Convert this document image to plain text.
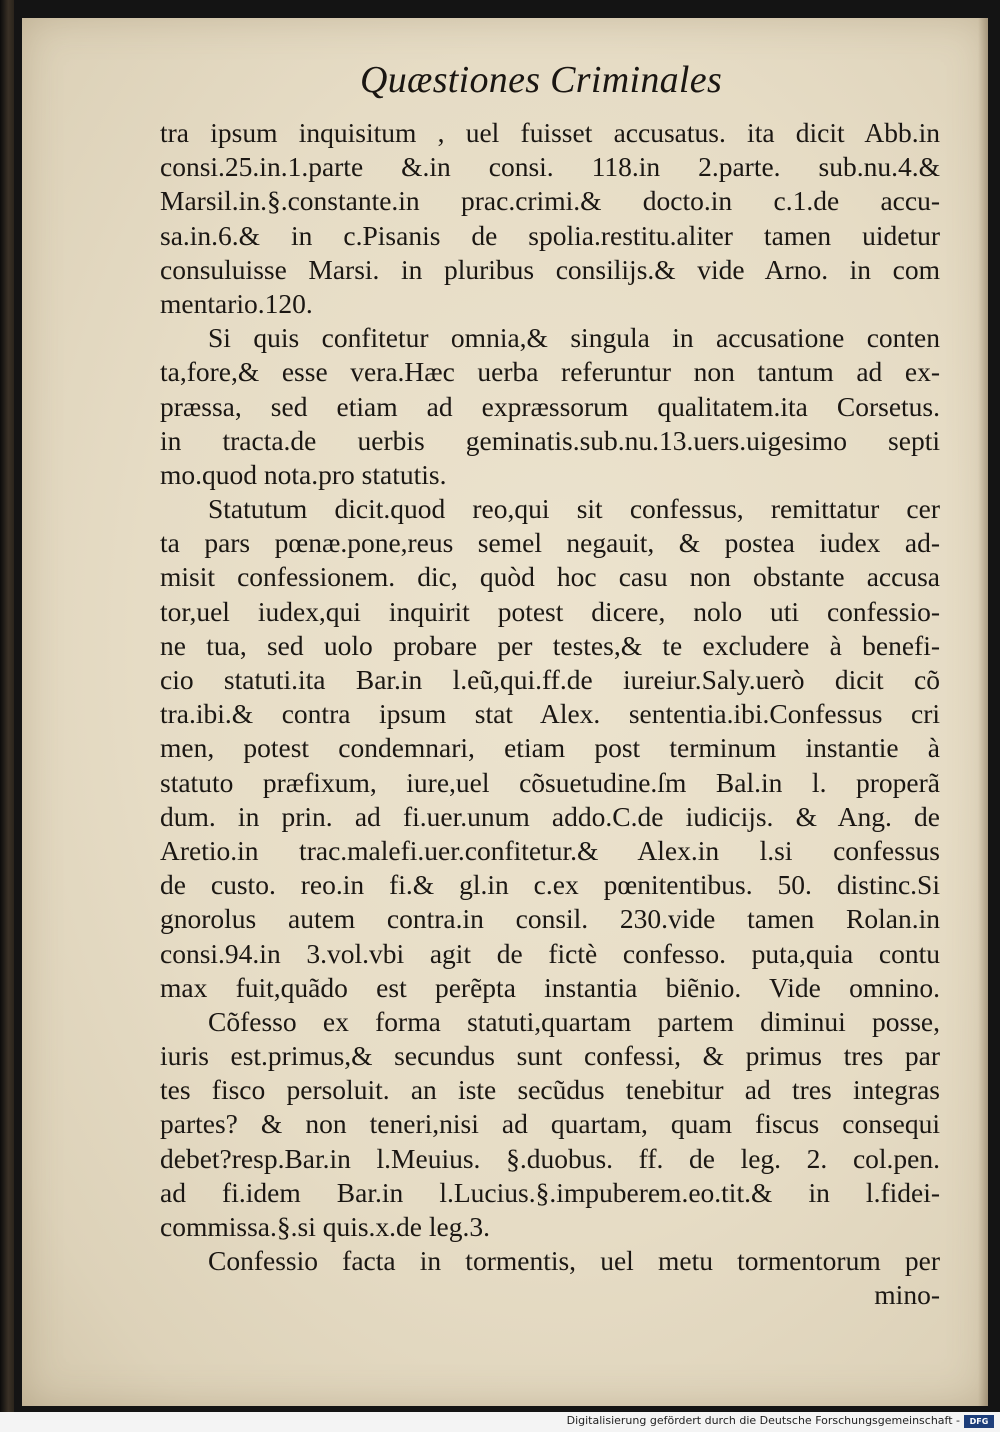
Quæstiones Criminales
tra ipsum inquisitum , uel fuisset accusatus. ita dicit Abb.in
consi.25.in.1.parte &.in consi. 118.in 2.parte. sub.nu.4.&
Marsil.in.§.constante.in prac.crimi.& docto.in c.1.de accu-
sa.in.6.& in c.Pisanis de spolia.restitu.aliter tamen uidetur
consuluisse Marsi. in pluribus consilijs.& vide Arno. in com
mentario.120.
Si quis confitetur omnia,& singula in accusatione conten
ta,fore,& esse vera.Hæc uerba referuntur non tantum ad ex-
præssa, sed etiam ad expræssorum qualitatem.ita Corsetus.
in tracta.de uerbis geminatis.sub.nu.13.uers.uigesimo septi
mo.quod nota.pro statutis.
Statutum dicit.quod reo,qui sit confessus, remittatur cer
ta pars pœnæ.pone,reus semel negauit, & postea iudex ad-
misit confessionem. dic, quòd hoc casu non obstante accusa
tor,uel iudex,qui inquirit potest dicere, nolo uti confessio-
ne tua, sed uolo probare per testes,& te excludere à benefi-
cio statuti.ita Bar.in l.eũ,qui.ff.de iureiur.Saly.uerò dicit cõ
tra.ibi.& contra ipsum stat Alex. sententia.ibi.Confessus cri
men, potest condemnari, etiam post terminum instantie à
statuto præfixum, iure,uel cõsuetudine.ſm Bal.in l. properã
dum. in prin. ad fi.uer.unum addo.C.de iudicijs. & Ang. de
Aretio.in trac.malefi.uer.confitetur.& Alex.in l.si confessus
de custo. reo.in fi.& gl.in c.ex pœnitentibus. 50. distinc.Si
gnorolus autem contra.in consil. 230.vide tamen Rolan.in
consi.94.in 3.vol.vbi agit de fictè confesso. puta,quia contu
max fuit,quãdo est perẽpta instantia biẽnio. Vide omnino.
Cõfesso ex forma statuti,quartam partem diminui posse,
iuris est.primus,& secundus sunt confessi, & primus tres par
tes fisco persoluit. an iste secũdus tenebitur ad tres integras
partes? & non teneri,nisi ad quartam, quam fiscus consequi
debet?resp.Bar.in l.Meuius. §.duobus. ff. de leg. 2. col.pen.
ad fi.idem Bar.in l.Lucius.§.impuberem.eo.tit.& in l.fidei-
commissa.§.si quis.x.de leg.3.
Confessio facta in tormentis, uel metu tormentorum per
mino-
Digitalisierung gefördert durch die Deutsche Forschungsgemeinschaft -	DFG
